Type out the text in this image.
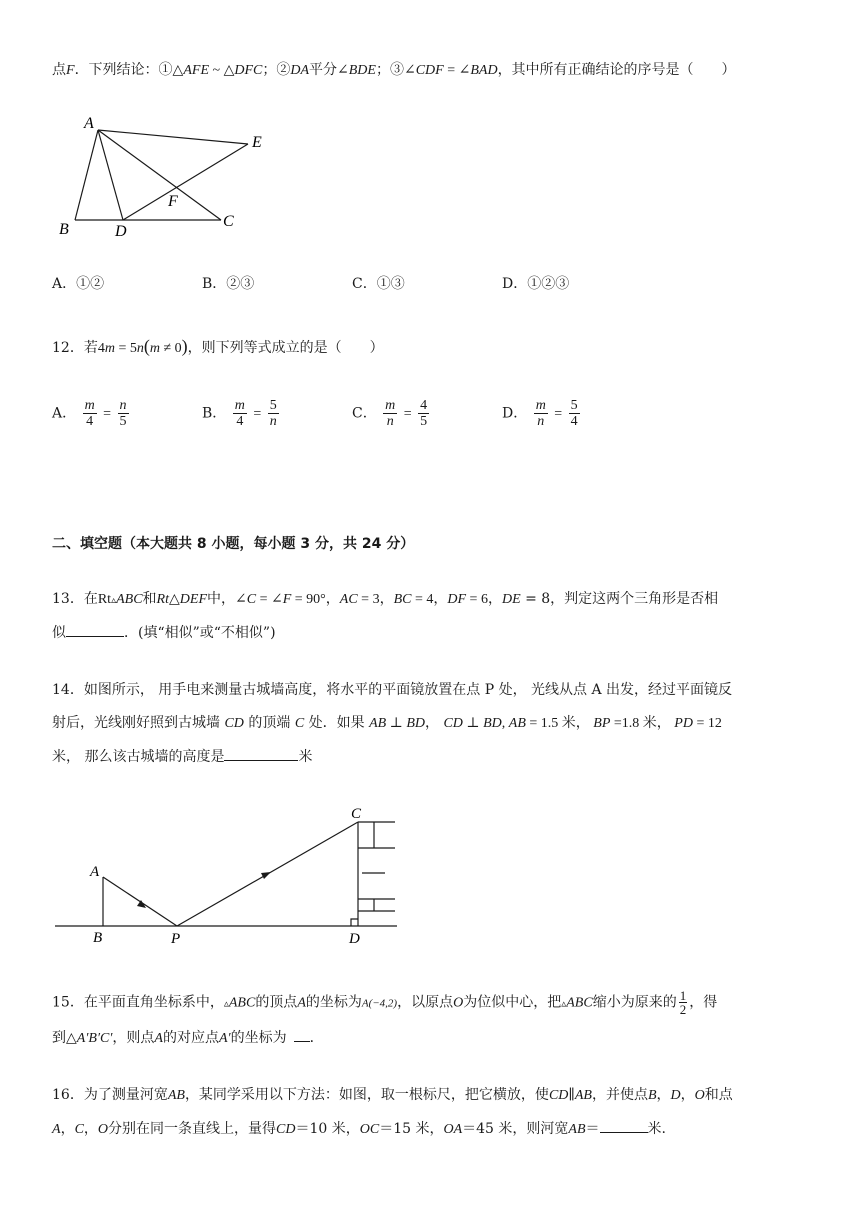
点F．下列结论：①△AFE ~ △DFC；②DA平分∠BDE；③∠CDF = ∠BAD，其中所有正确结论的序号是（　　）
A
E
F
B	D
C
A．①②	B．②③	C．①③	D．①②③
12．若4m = 5n(m ≠ 0)，则下列等式成立的是（　　）
A． $\frac{m}{4} = \frac{n}{5}$	B． $\frac{m}{4} = \frac{5}{n}$	C． $\frac{m}{n} = \frac{4}{5}$	D． $\frac{m}{n} = \frac{5}{4}$
二、填空题（本大题共 8 小题，每小题 3 分，共 24 分）
13．在Rt▵ABC和Rt△DEF中，∠C = ∠F = 90°，AC = 3，BC = 4，DF = 6，DE = 8，判定这两个三角形是否相
似	．(填“相似”或“不相似”)
14．如图所示， 用手电来测量古城墙高度，将水平的平面镜放置在点 P 处， 光线从点 A 出发，经过平面镜反
射后，光线刚好照到古城墙 CD 的顶端 C 处．如果 AB ⊥ BD， CD ⊥ BD, AB = 1.5 米， BP =1.8 米， PD = 12
米， 那么该古城墙的高度是	米
A
B	P
C
D
15．在平面直角坐标系中，▵ABC的顶点A的坐标为A(−4,2)，以原点O为位似中心，把▵ABC缩小为原来的 $\frac{1}{2}$ ，得
到△A′B′C′，则点A的对应点A′的坐标为  ．
16．为了测量河宽AB，某同学采用以下方法：如图，取一根标尺，把它横放，使CD∥AB，并使点B，D，O和点
A，C，O分别在同一条直线上，量得CD＝10 米，OC＝15 米，OA＝45 米，则河宽AB＝	米.
